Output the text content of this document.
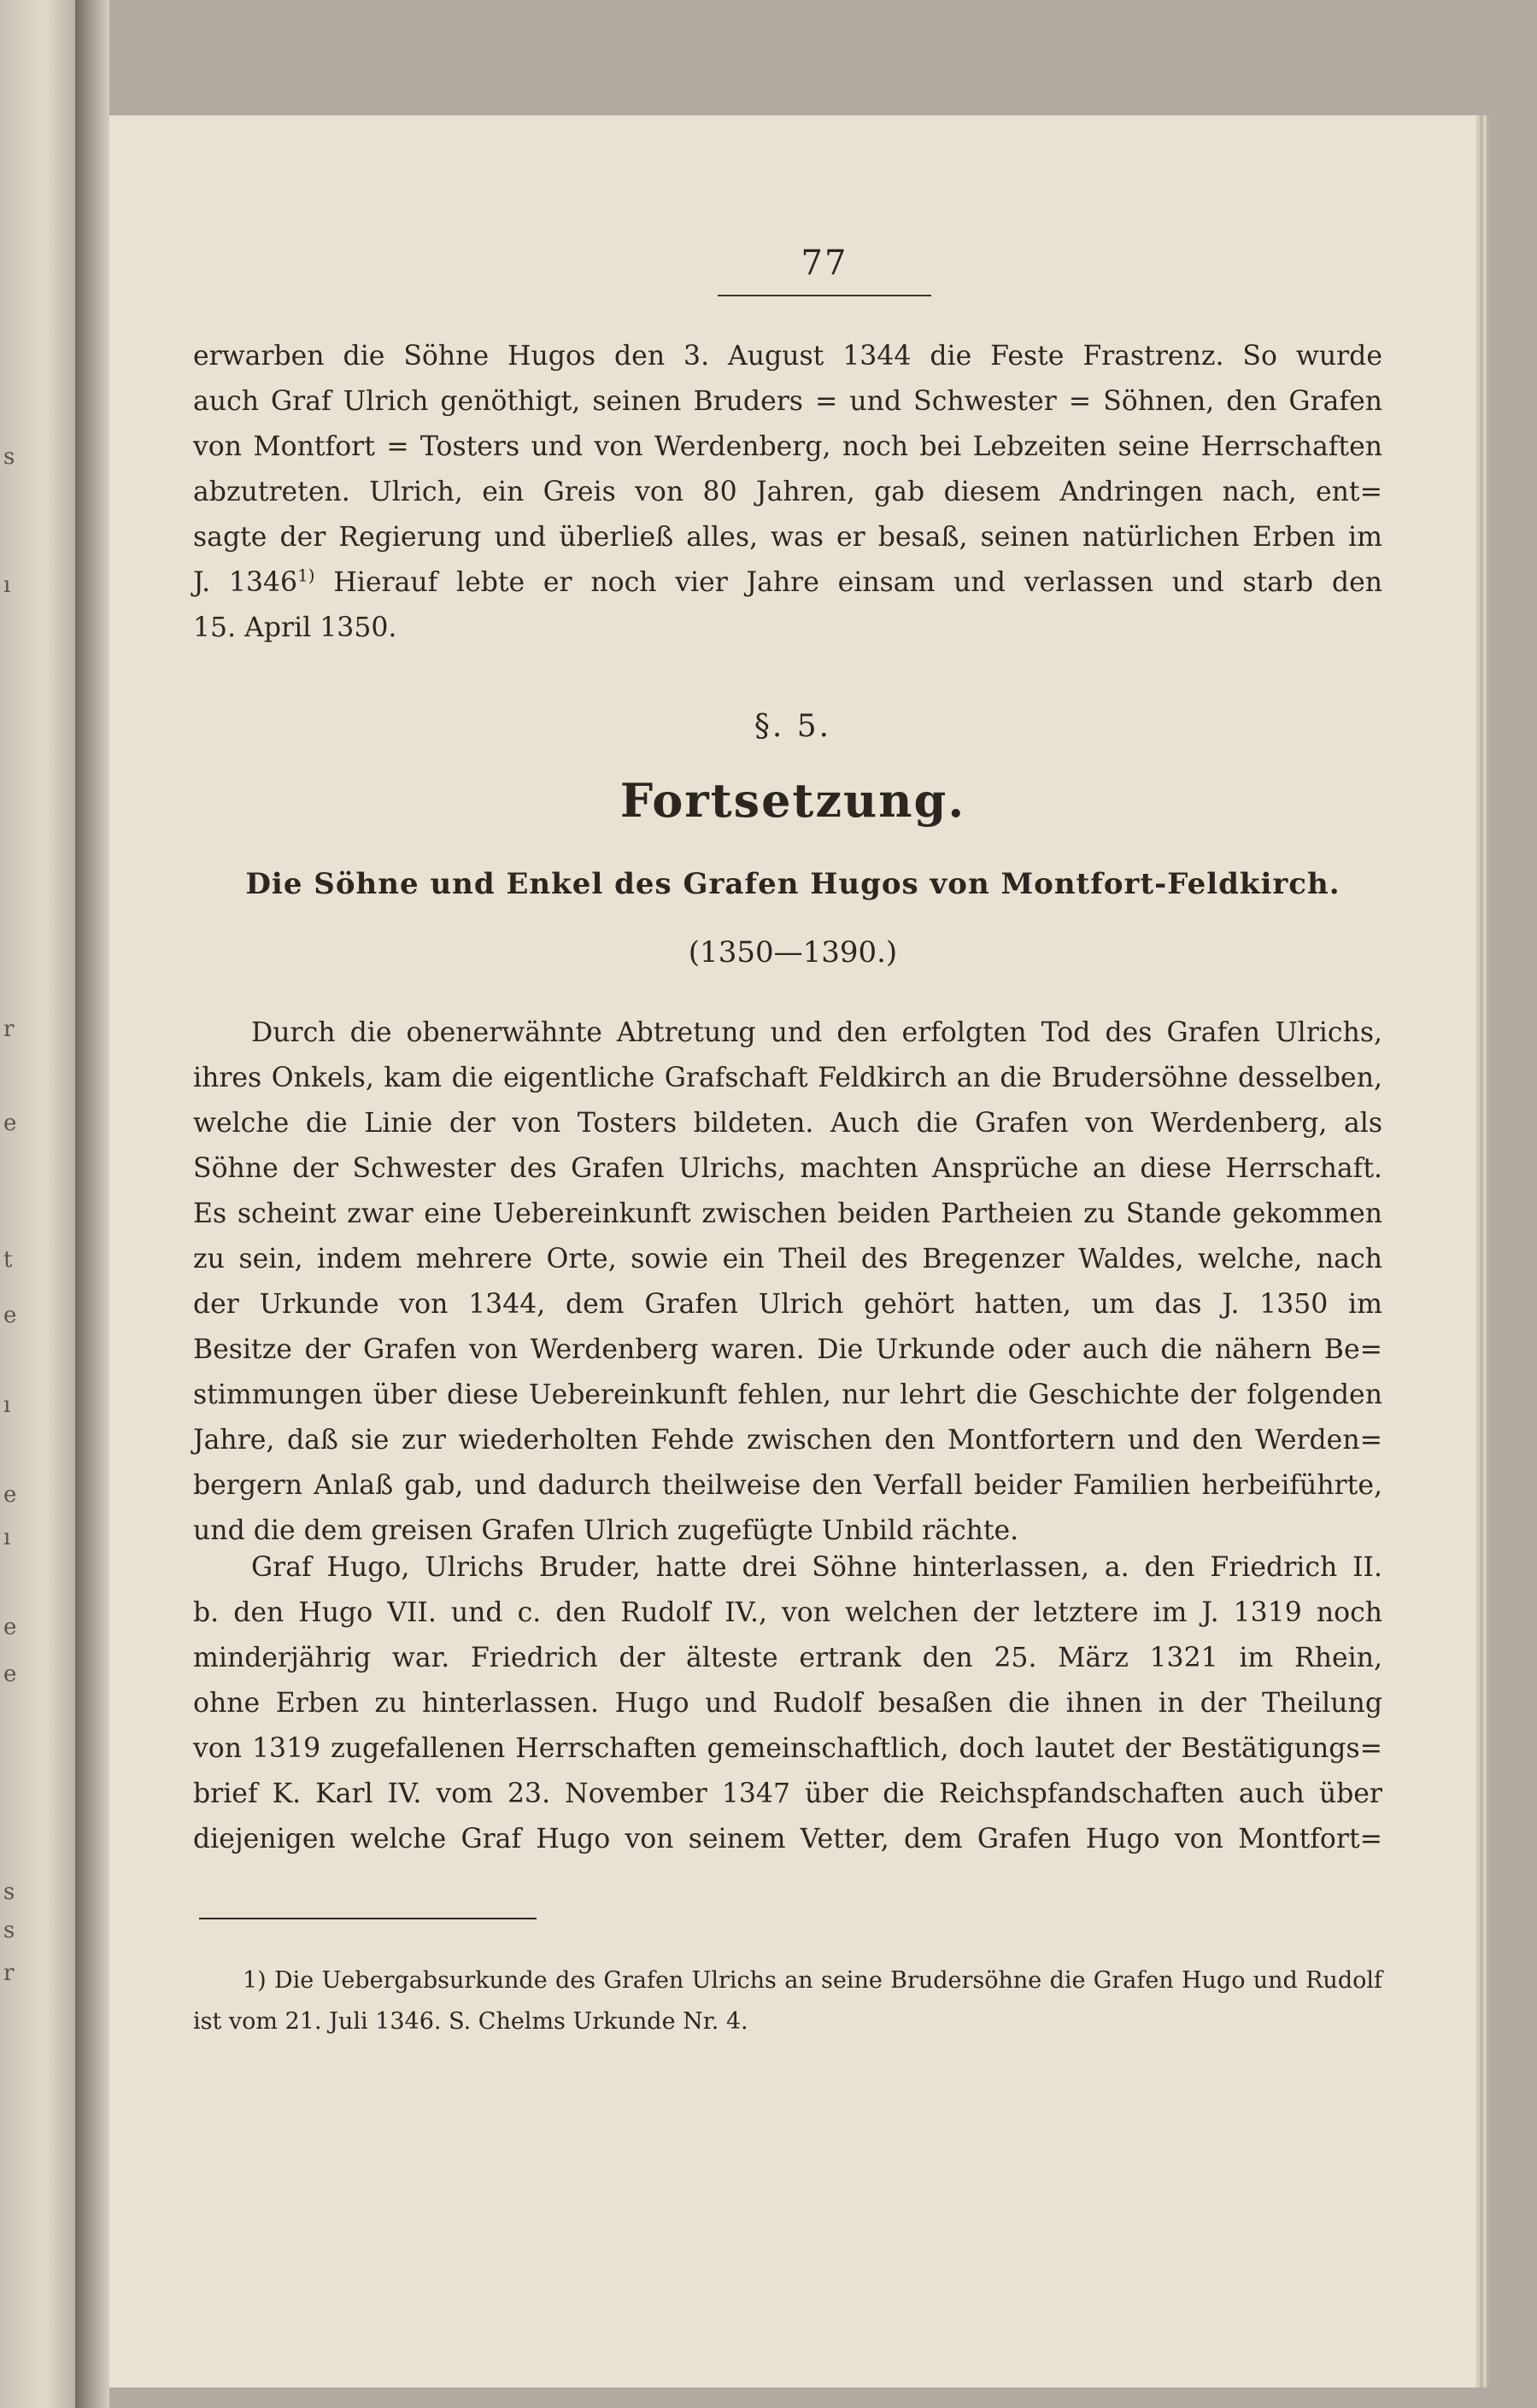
s
ı
r
e
t
e
ı
e
ı
e
e
s
s
r
77
erwarben die Söhne Hugos den 3. August 1344 die Feste Frastrenz. So wurde
auch Graf Ulrich genöthigt, seinen Bruders = und Schwester = Söhnen, den Grafen
von Montfort = Tosters und von Werdenberg, noch bei Lebzeiten seine Herrschaften
abzutreten. Ulrich, ein Greis von 80 Jahren, gab diesem Andringen nach, ent=
sagte der Regierung und überließ alles, was er besaß, seinen natürlichen Erben im
J. 1346$^{1)}$ Hierauf lebte er noch vier Jahre einsam und verlassen und starb den
15. April 1350.
§. 5.
Fortsetzung.
Die Söhne und Enkel des Grafen Hugos von Montfort-Feldkirch.
(1350—1390.)
Durch die obenerwähnte Abtretung und den erfolgten Tod des Grafen Ulrichs,
ihres Onkels, kam die eigentliche Grafschaft Feldkirch an die Brudersöhne desselben,
welche die Linie der von Tosters bildeten. Auch die Grafen von Werdenberg, als
Söhne der Schwester des Grafen Ulrichs, machten Ansprüche an diese Herrschaft.
Es scheint zwar eine Uebereinkunft zwischen beiden Partheien zu Stande gekommen
zu sein, indem mehrere Orte, sowie ein Theil des Bregenzer Waldes, welche, nach
der Urkunde von 1344, dem Grafen Ulrich gehört hatten, um das J. 1350 im
Besitze der Grafen von Werdenberg waren. Die Urkunde oder auch die nähern Be=
stimmungen über diese Uebereinkunft fehlen, nur lehrt die Geschichte der folgenden
Jahre, daß sie zur wiederholten Fehde zwischen den Montfortern und den Werden=
bergern Anlaß gab, und dadurch theilweise den Verfall beider Familien herbeiführte,
und die dem greisen Grafen Ulrich zugefügte Unbild rächte.
Graf Hugo, Ulrichs Bruder, hatte drei Söhne hinterlassen, a. den Friedrich II.
b. den Hugo VII. und c. den Rudolf IV., von welchen der letztere im J. 1319 noch
minderjährig war. Friedrich der älteste ertrank den 25. März 1321 im Rhein,
ohne Erben zu hinterlassen. Hugo und Rudolf besaßen die ihnen in der Theilung
von 1319 zugefallenen Herrschaften gemeinschaftlich, doch lautet der Bestätigungs=
brief K. Karl IV. vom 23. November 1347 über die Reichspfandschaften auch über
diejenigen welche Graf Hugo von seinem Vetter, dem Grafen Hugo von Montfort=
1) Die Uebergabsurkunde des Grafen Ulrichs an seine Brudersöhne die Grafen Hugo und Rudolf ist vom 21. Juli 1346. S. Chelms Urkunde Nr. 4.
